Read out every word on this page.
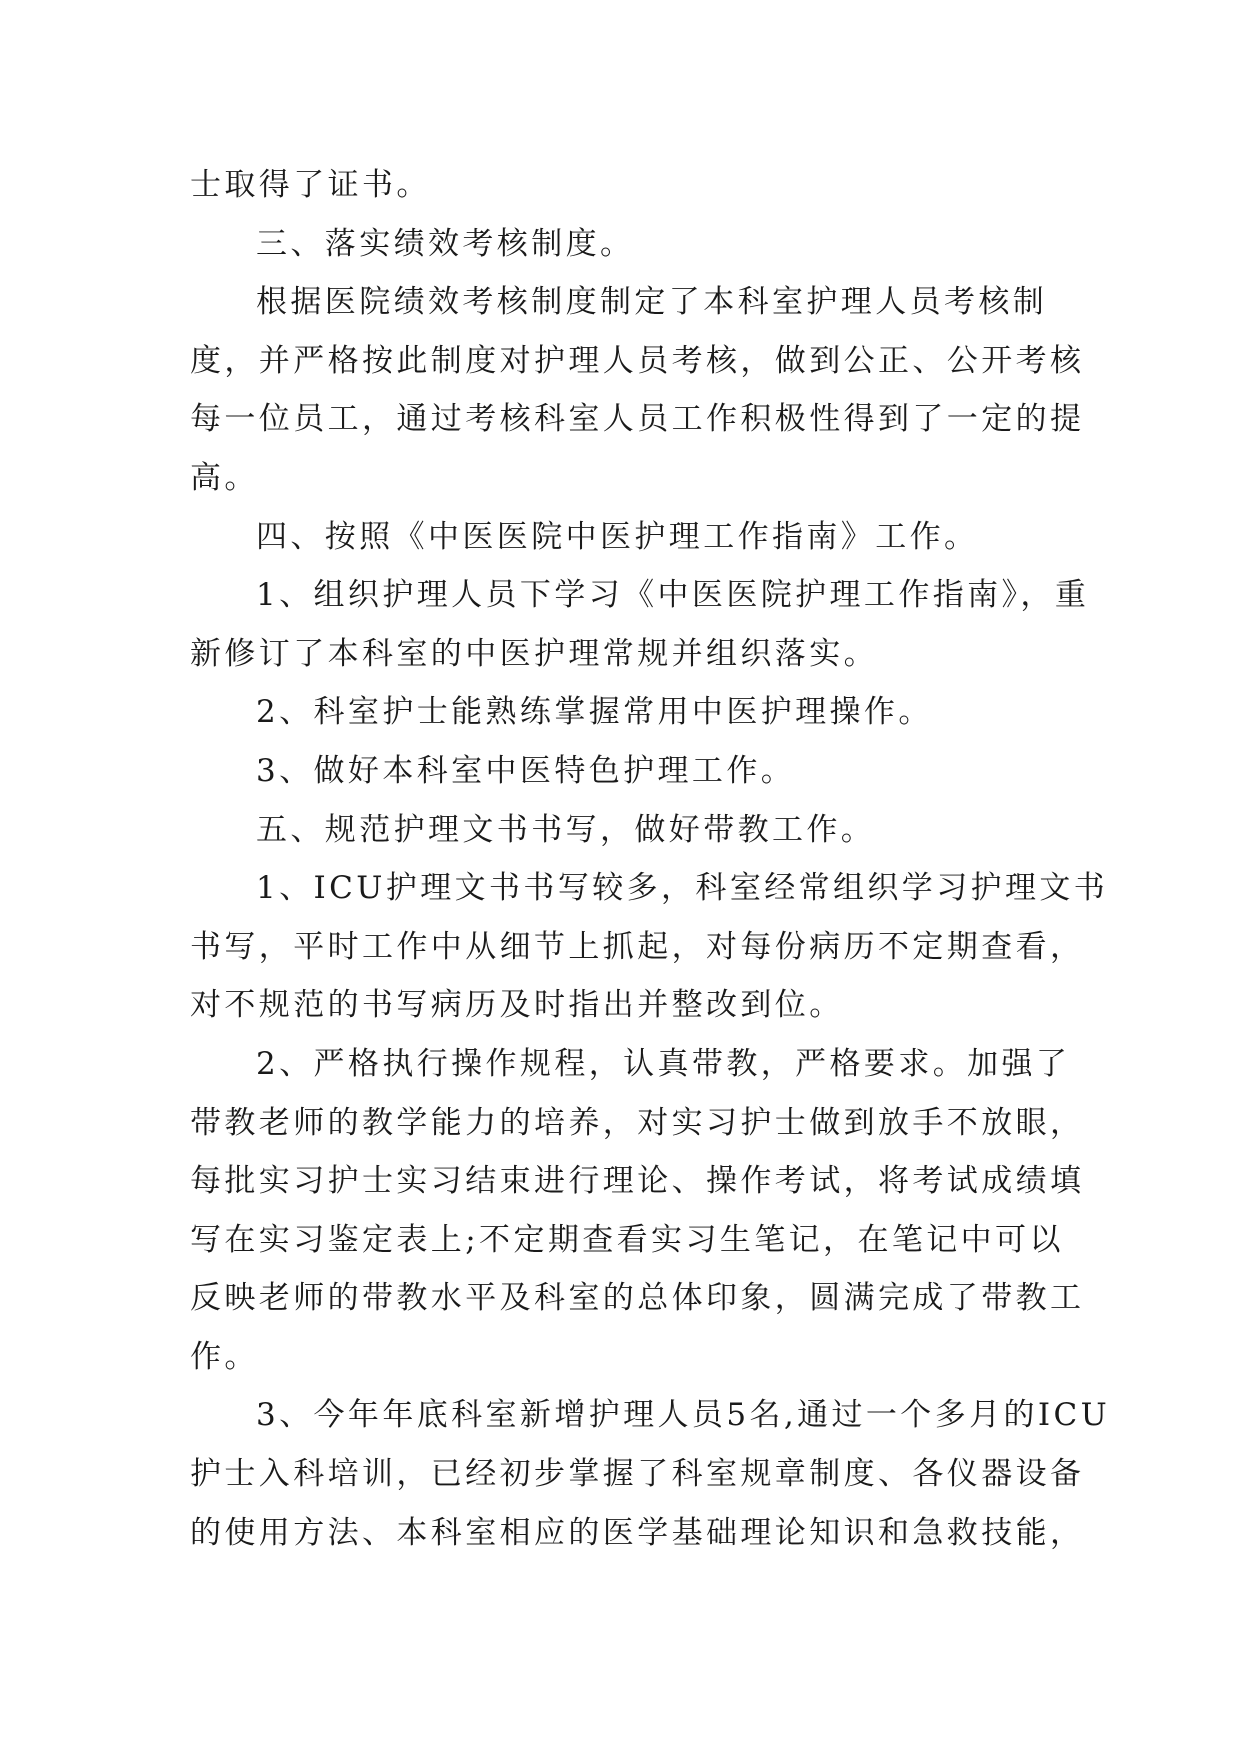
士取得了证书。

三、落实绩效考核制度。

根据医院绩效考核制度制定了本科室护理人员考核制

度，并严格按此制度对护理人员考核，做到公正、公开考核

每一位员工，通过考核科室人员工作积极性得到了一定的提

高。

四、按照《中医医院中医护理工作指南》工作。

1、组织护理人员下学习《中医医院护理工作指南》，重

新修订了本科室的中医护理常规并组织落实。

2、科室护士能熟练掌握常用中医护理操作。

3、做好本科室中医特色护理工作。

五、规范护理文书书写，做好带教工作。

1、ICU护理文书书写较多，科室经常组织学习护理文书

书写，平时工作中从细节上抓起，对每份病历不定期查看，

对不规范的书写病历及时指出并整改到位。

2、严格执行操作规程，认真带教，严格要求。加强了

带教老师的教学能力的培养，对实习护士做到放手不放眼，

每批实习护士实习结束进行理论、操作考试，将考试成绩填

写在实习鉴定表上;不定期查看实习生笔记，在笔记中可以

反映老师的带教水平及科室的总体印象，圆满完成了带教工

作。

3、今年年底科室新增护理人员5名,通过一个多月的ICU

护士入科培训，已经初步掌握了科室规章制度、各仪器设备

的使用方法、本科室相应的医学基础理论知识和急救技能，
